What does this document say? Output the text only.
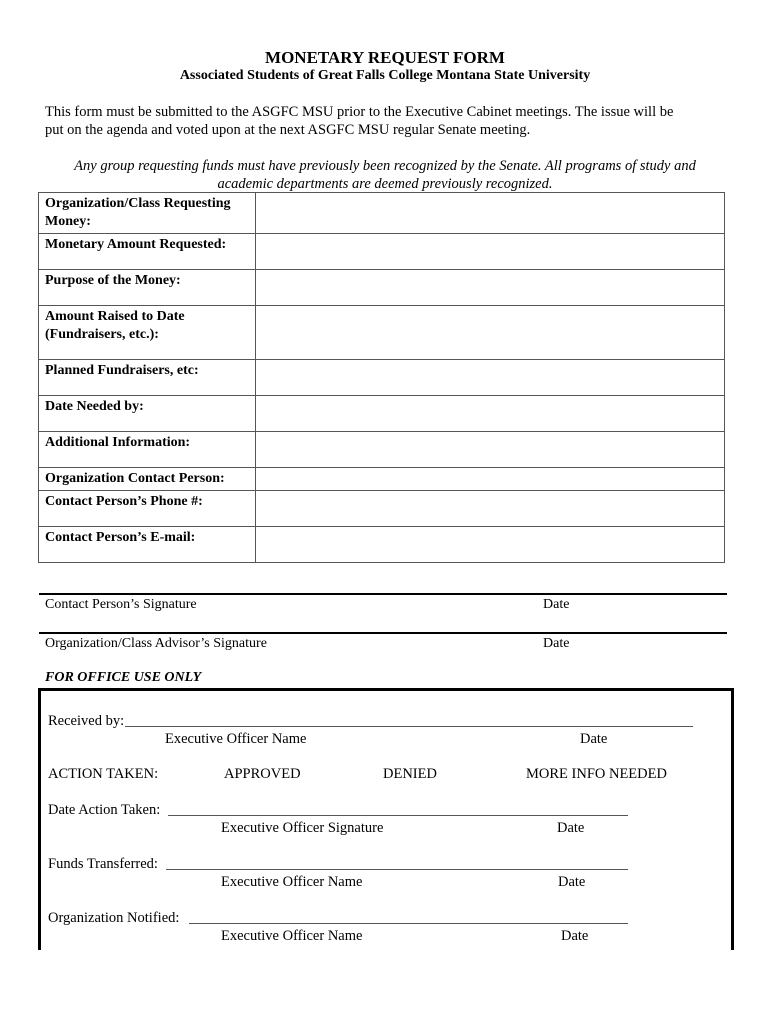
MONETARY REQUEST FORM
Associated Students of Great Falls College Montana State University

This form must be submitted to the ASGFC MSU prior to the Executive Cabinet meetings. The issue will be
put on the agenda and voted upon at the next ASGFC MSU regular Senate meeting.

Any group requesting funds must have previously been recognized by the Senate. All programs of study and
academic departments are deemed previously recognized.

Organization/Class Requesting Money:	
Monetary Amount Requested:	
Purpose of the Money:	
Amount Raised to Date (Fundraisers, etc.):	
Planned Fundraisers, etc:	
Date Needed by:	
Additional Information:	
Organization Contact Person:	
Contact Person’s Phone #:	
Contact Person’s E-mail:	
Contact Person’s Signature	Date
Organization/Class Advisor’s Signature	Date
FOR OFFICE USE ONLY
Received by:
Executive Officer Name	Date
ACTION TAKEN:	APPROVED	DENIED	MORE INFO NEEDED
Date Action Taken:
Executive Officer Signature	Date
Funds Transferred:
Executive Officer Name	Date
Organization Notified:
Executive Officer Name	Date
